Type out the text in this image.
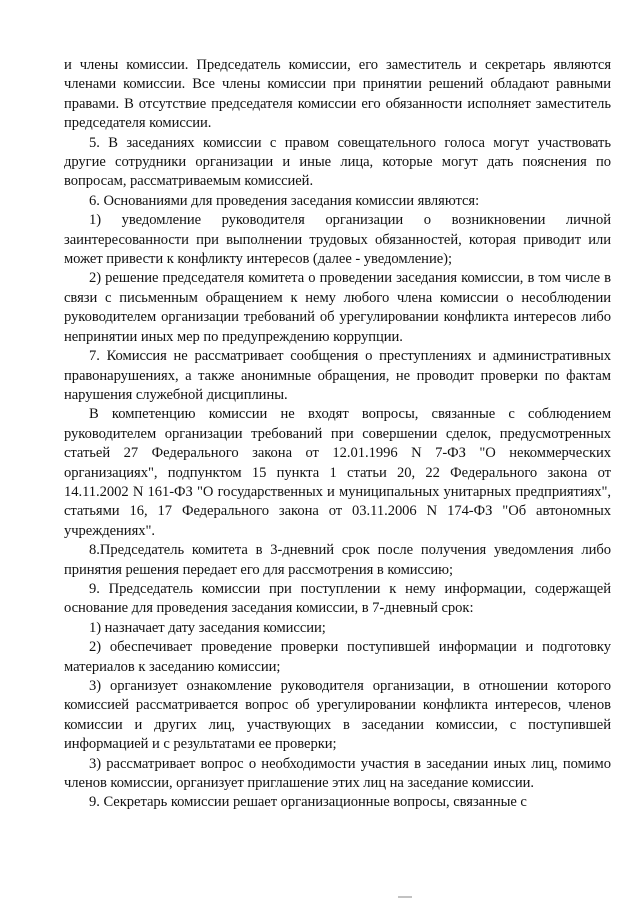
и члены комиссии. Председатель комиссии, его заместитель и секретарь являются членами комиссии. Все члены комиссии при принятии решений обладают равными правами. В отсутствие председателя комиссии его обязанности исполняет заместитель председателя комиссии.

5. В заседаниях комиссии с правом совещательного голоса могут участвовать другие сотрудники организации и иные лица, которые могут дать пояснения по вопросам, рассматриваемым комиссией.

6. Основаниями для проведения заседания комиссии являются:

1) уведомление руководителя организации о возникновении личной заинтересованности при выполнении трудовых обязанностей, которая приводит или может привести к конфликту интересов (далее - уведомление);

2) решение председателя комитета о проведении заседания комиссии, в том числе в связи с письменным обращением к нему любого члена комиссии о несоблюдении руководителем организации требований об урегулировании конфликта интересов либо непринятии иных мер по предупреждению коррупции.

7. Комиссия не рассматривает сообщения о преступлениях и административных правонарушениях, а также анонимные обращения, не проводит проверки по фактам нарушения служебной дисциплины.

В компетенцию комиссии не входят вопросы, связанные с соблюдением руководителем организации требований при совершении сделок, предусмотренных статьей 27 Федерального закона от 12.01.1996 N 7-ФЗ "О некоммерческих организациях", подпунктом 15 пункта 1 статьи 20, 22 Федерального закона от 14.11.2002 N 161-ФЗ "О государственных и муниципальных унитарных предприятиях", статьями 16, 17 Федерального закона от 03.11.2006 N 174-ФЗ "Об автономных учреждениях".

8.Председатель комитета в 3-дневний срок после получения уведомления либо принятия решения передает его для рассмотрения в комиссию;

9. Председатель комиссии при поступлении к нему информации, содержащей основание для проведения заседания комиссии, в 7-дневный срок:

1) назначает дату заседания комиссии;

2) обеспечивает проведение проверки поступившей информации и подготовку материалов к заседанию комиссии;

3) организует ознакомление руководителя организации, в отношении которого комиссией рассматривается вопрос об урегулировании конфликта интересов, членов комиссии и других лиц, участвующих в заседании комиссии, с поступившей информацией и с результатами ее проверки;

3) рассматривает вопрос о необходимости участия в заседании иных лиц, помимо членов комиссии, организует приглашение этих лиц на заседание комиссии.

9. Секретарь комиссии решает организационные вопросы, связанные с
